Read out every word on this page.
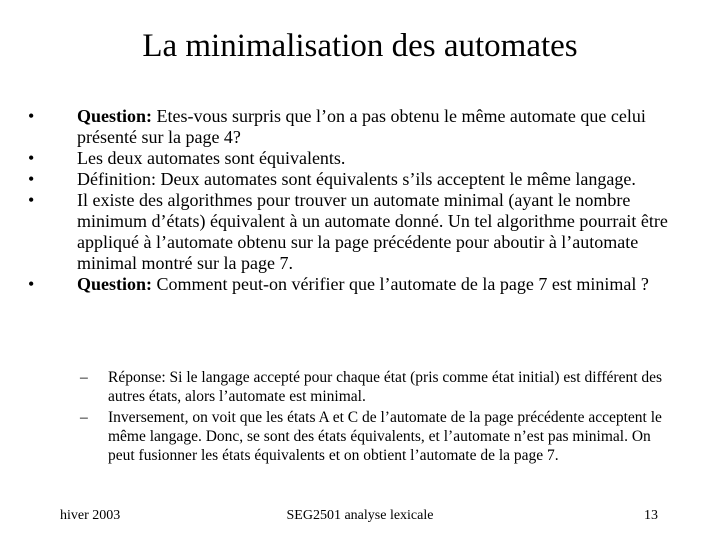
La minimalisation des automates
• Question: Etes-vous surpris que l’on a pas obtenu le même automate que celui présenté sur la page 4?
• Les deux automates sont équivalents.
• Définition: Deux automates sont équivalents s’ils acceptent le même langage.
• Il existe des algorithmes pour trouver un automate minimal (ayant le nombre minimum d’états) équivalent à un automate donné. Un tel algorithme pourrait être appliqué à l’automate obtenu sur la page précédente pour aboutir à l’automate minimal montré sur la page 7.
• Question: Comment peut-on vérifier que l’automate de la page 7 est minimal ?
– Réponse: Si le langage accepté pour chaque état (pris comme état initial) est différent des autres états, alors l’automate est minimal.
– Inversement, on voit que les états A et C de l’automate de la page précédente acceptent le même langage. Donc, se sont des états équivalents, et l’automate n’est pas minimal. On peut fusionner les états équivalents et on obtient l’automate de la page 7.
hiver 2003	SEG2501 analyse lexicale	13
